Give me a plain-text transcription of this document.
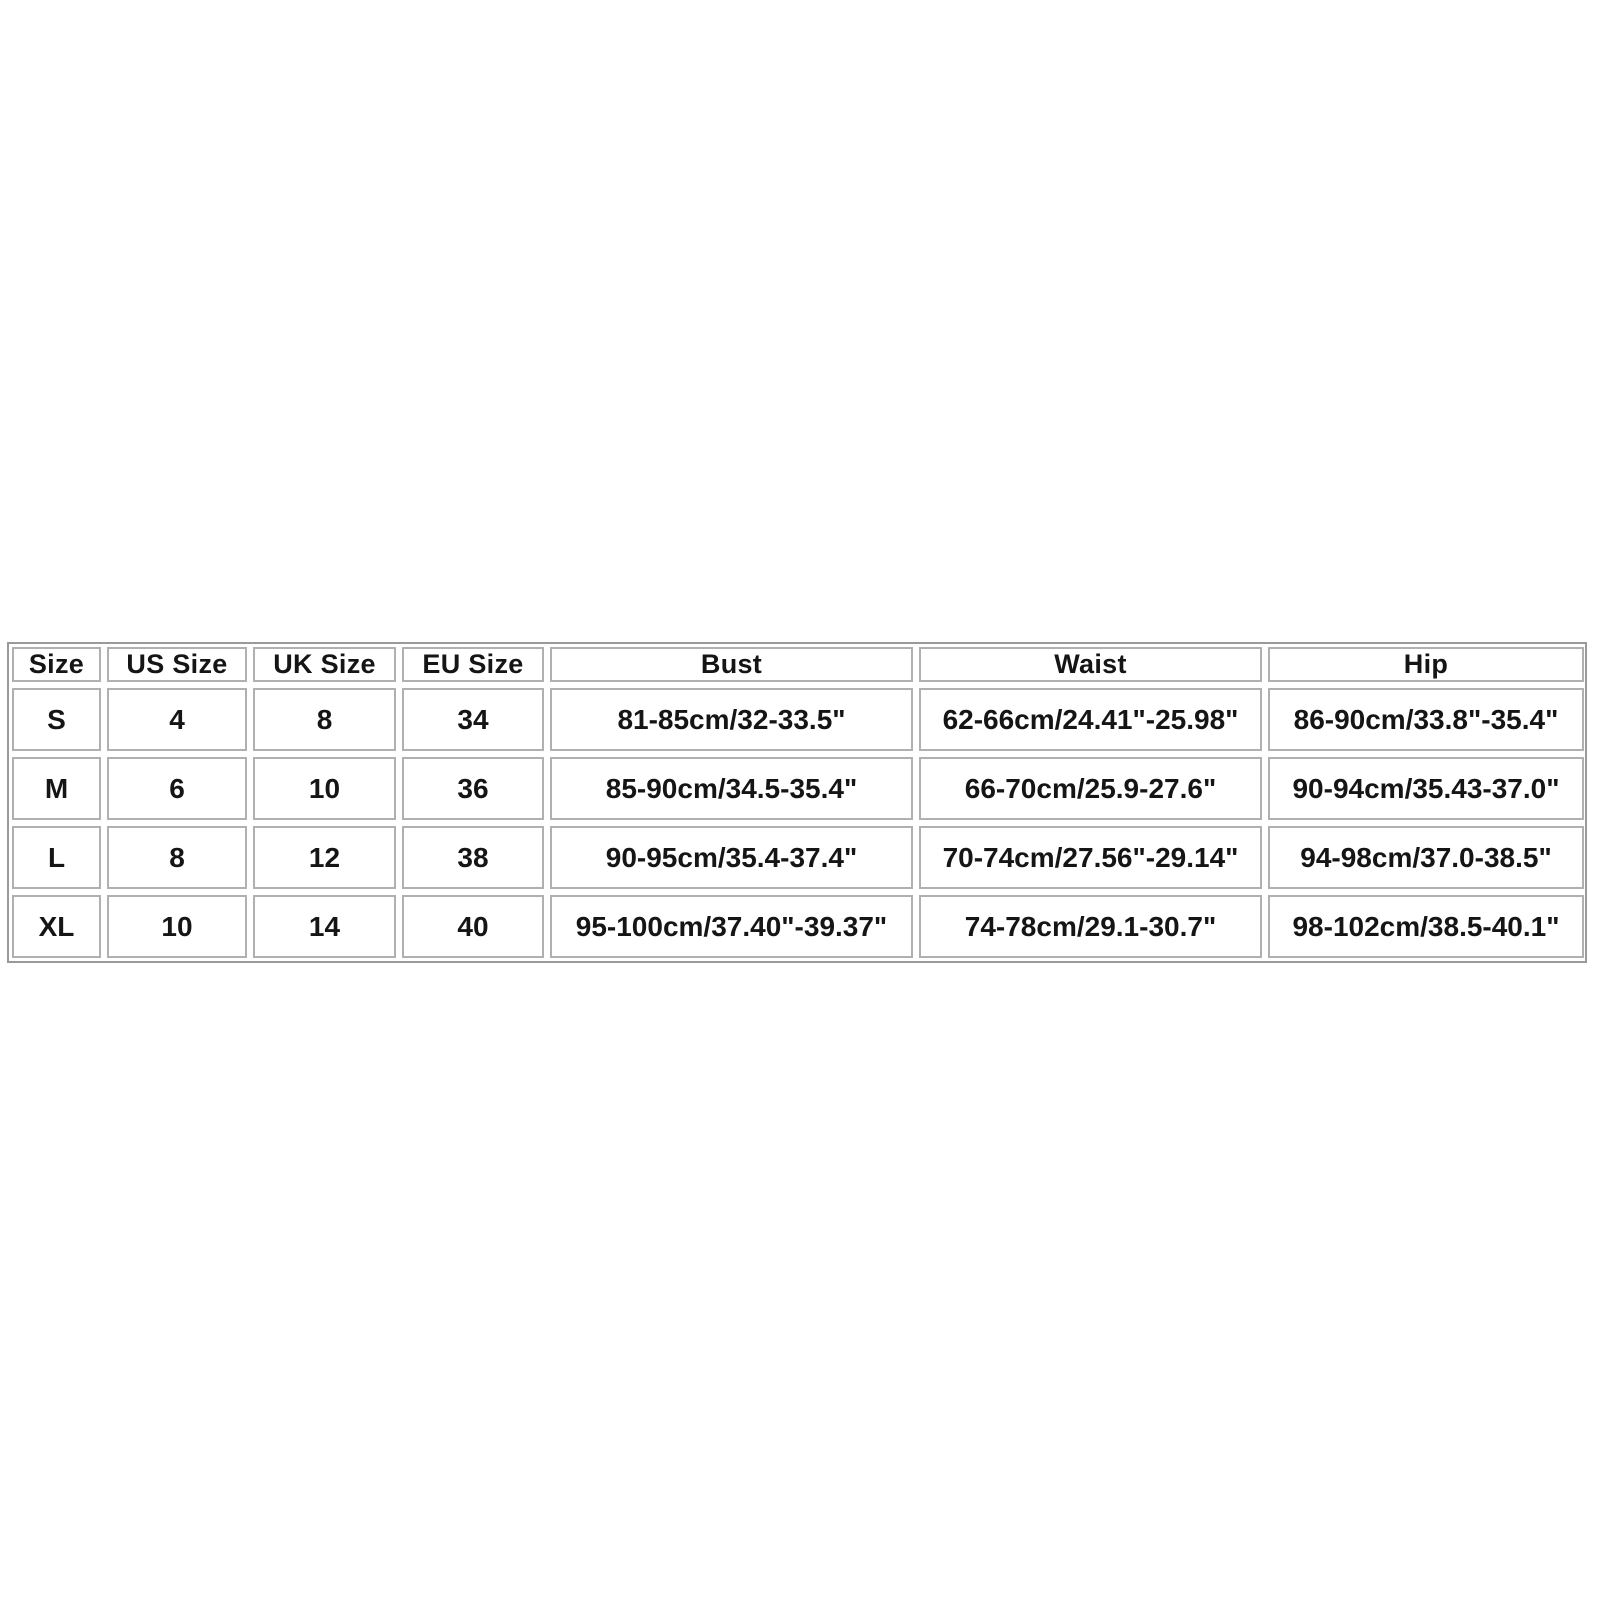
Size	US Size	UK Size	EU Size	Bust	Waist	Hip
S	4	8	34	81-85cm/32-33.5"	62-66cm/24.41"-25.98"	86-90cm/33.8"-35.4"
M	6	10	36	85-90cm/34.5-35.4"	66-70cm/25.9-27.6"	90-94cm/35.43-37.0"
L	8	12	38	90-95cm/35.4-37.4"	70-74cm/27.56"-29.14"	94-98cm/37.0-38.5"
XL	10	14	40	95-100cm/37.40"-39.37"	74-78cm/29.1-30.7"	98-102cm/38.5-40.1"
